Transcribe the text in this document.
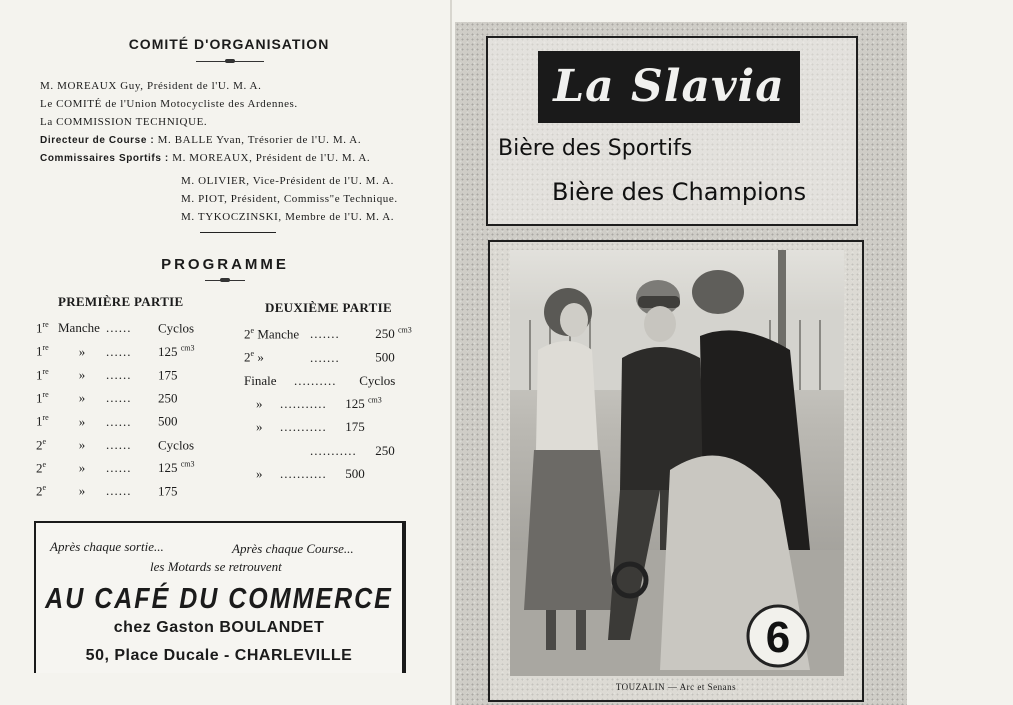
COMITÉ D'ORGANISATION
M. MOREAUX Guy, Président de l'U. M. A.
Le COMITÉ de l'Union Motocycliste des Ardennes.
La COMMISSION TECHNIQUE.
Directeur de Course : M. BALLE Yvan, Trésorier de l'U. M. A.
Commissaires Sportifs : M. MOREAUX, Président de l'U. M. A.
M. OLIVIER, Vice-Président de l'U. M. A.
M. PIOT, Président, Commiss"e Technique.
M. TYKOCZINSKI, Membre de l'U. M. A.
PROGRAMME
PREMIÈRE PARTIE	DEUXIÈME PARTIE
1re Manche ...... Cyclos
1re » ...... 125 $^{cm3}$
1re » ...... 175
1re » ...... 250
1re » ...... 500
2e	» ...... Cyclos
2e	» ...... 125 $^{cm3}$
2e	» ...... 175
2e Manche ....... 250 $^{cm3}$
2e »	....... 500
Finale .......... Cyclos
» ........... 125 $^{cm3}$
» ........... 175
........... 250
» ........... 500
Après chaque sortie...	Après chaque Course...
les Motards se retrouvent
AU CAFÉ DU COMMERCE
chez Gaston BOULANDET
50, Place Ducale - CHARLEVILLE
La Slavia
Bière des Sportifs
Bière des Champions
6
TOUZALIN — Arc et Senans
